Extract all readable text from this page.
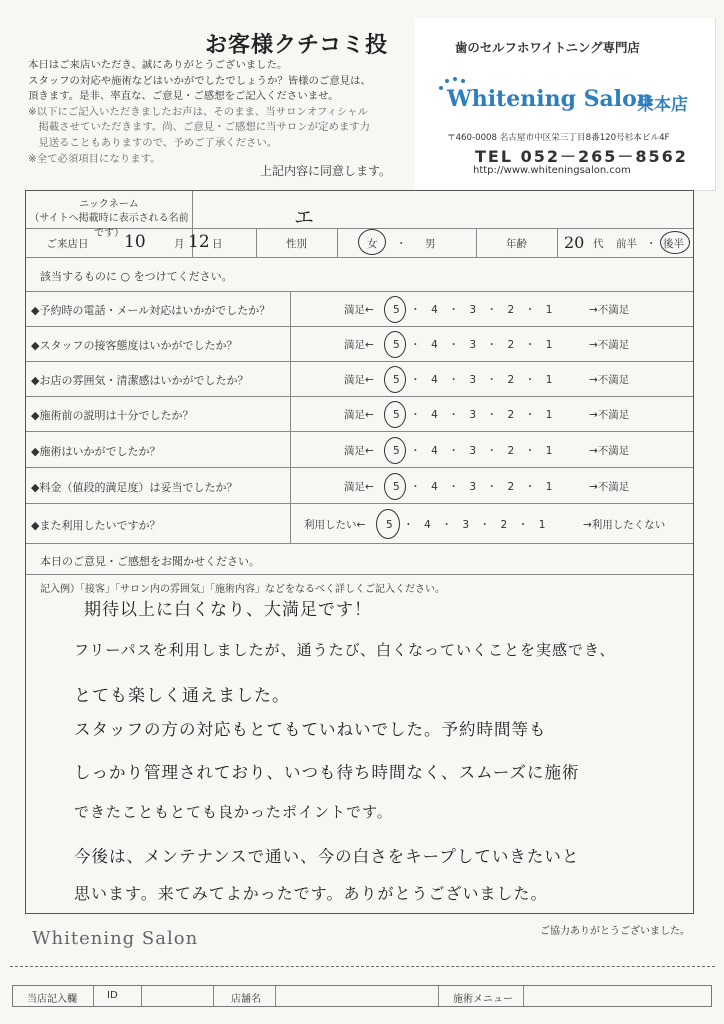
お客様クチコミ投
本日はご来店いただき、誠にありがとうございました。
スタッフの対応や施術などはいかがでしたでしょうか？皆様のご意見は、
頂きます。是非、率直な、ご意見・ご感想をご記入くださいませ。
※以下にご記入いただきましたお声は、そのまま、当サロンオフィシャル
　掲載させていただきます。尚、ご意見・ご感想に当サロンが定めます力
　見送ることもありますので、予めご了承ください。
※全て必須項目になります。
上記内容に同意します。
歯のセルフホワイトニング専門店
Whitening Salon
栄本店
〒460-0008 名古屋市中区栄三丁目8番120号杉本ビル4F
TEL 052－265－8562
http://www.whiteningsalon.com
ニックネーム
（サイトへ掲載時に表示される名前です）
エ
ご来店日	10	月 12 日	性別	女 ・ 男	年齢	20 代 前半 ・ 後半
該当するものに ○ をつけてください。
◆予約時の電話・メール対応はいかがでしたか？	満足← 5　・　4　・　3　・　2　・　1	→不満足
◆スタッフの接客態度はいかがでしたか？	満足← 5　・　4　・　3　・　2　・　1	→不満足
◆お店の雰囲気・清潔感はいかがでしたか？	満足← 5　・　4　・　3　・　2　・　1	→不満足
◆施術前の説明は十分でしたか？	満足← 5　・　4　・　3　・　2　・　1	→不満足
◆施術はいかがでしたか？	満足← 5　・　4　・　3　・　2　・　1	→不満足
◆料金（値段的満足度）は妥当でしたか？	満足← 5　・　4　・　3　・　2　・　1	→不満足
◆また利用したいですか？	利用したい← 5　・　4　・　3　・　2　・　1	→利用したくない
本日のご意見・ご感想をお聞かせください。
記入例）「接客」「サロン内の雰囲気」「施術内容」などをなるべく詳しくご記入ください。
期待以上に白くなり、大満足です！
フリーパスを利用しましたが、通うたび、白くなっていくことを実感でき、
とても楽しく通えました。
スタッフの方の対応もとてもていねいでした。予約時間等も
しっかり管理されており、いつも待ち時間なく、スムーズに施術
できたこともとても良かったポイントです。
今後は、メンテナンスで通い、今の白さをキープしていきたいと
思います。来てみてよかったです。ありがとうございました。
Whitening Salon	ご協力ありがとうございました。
当店記入欄	ID	店舗名	施術メニュー
